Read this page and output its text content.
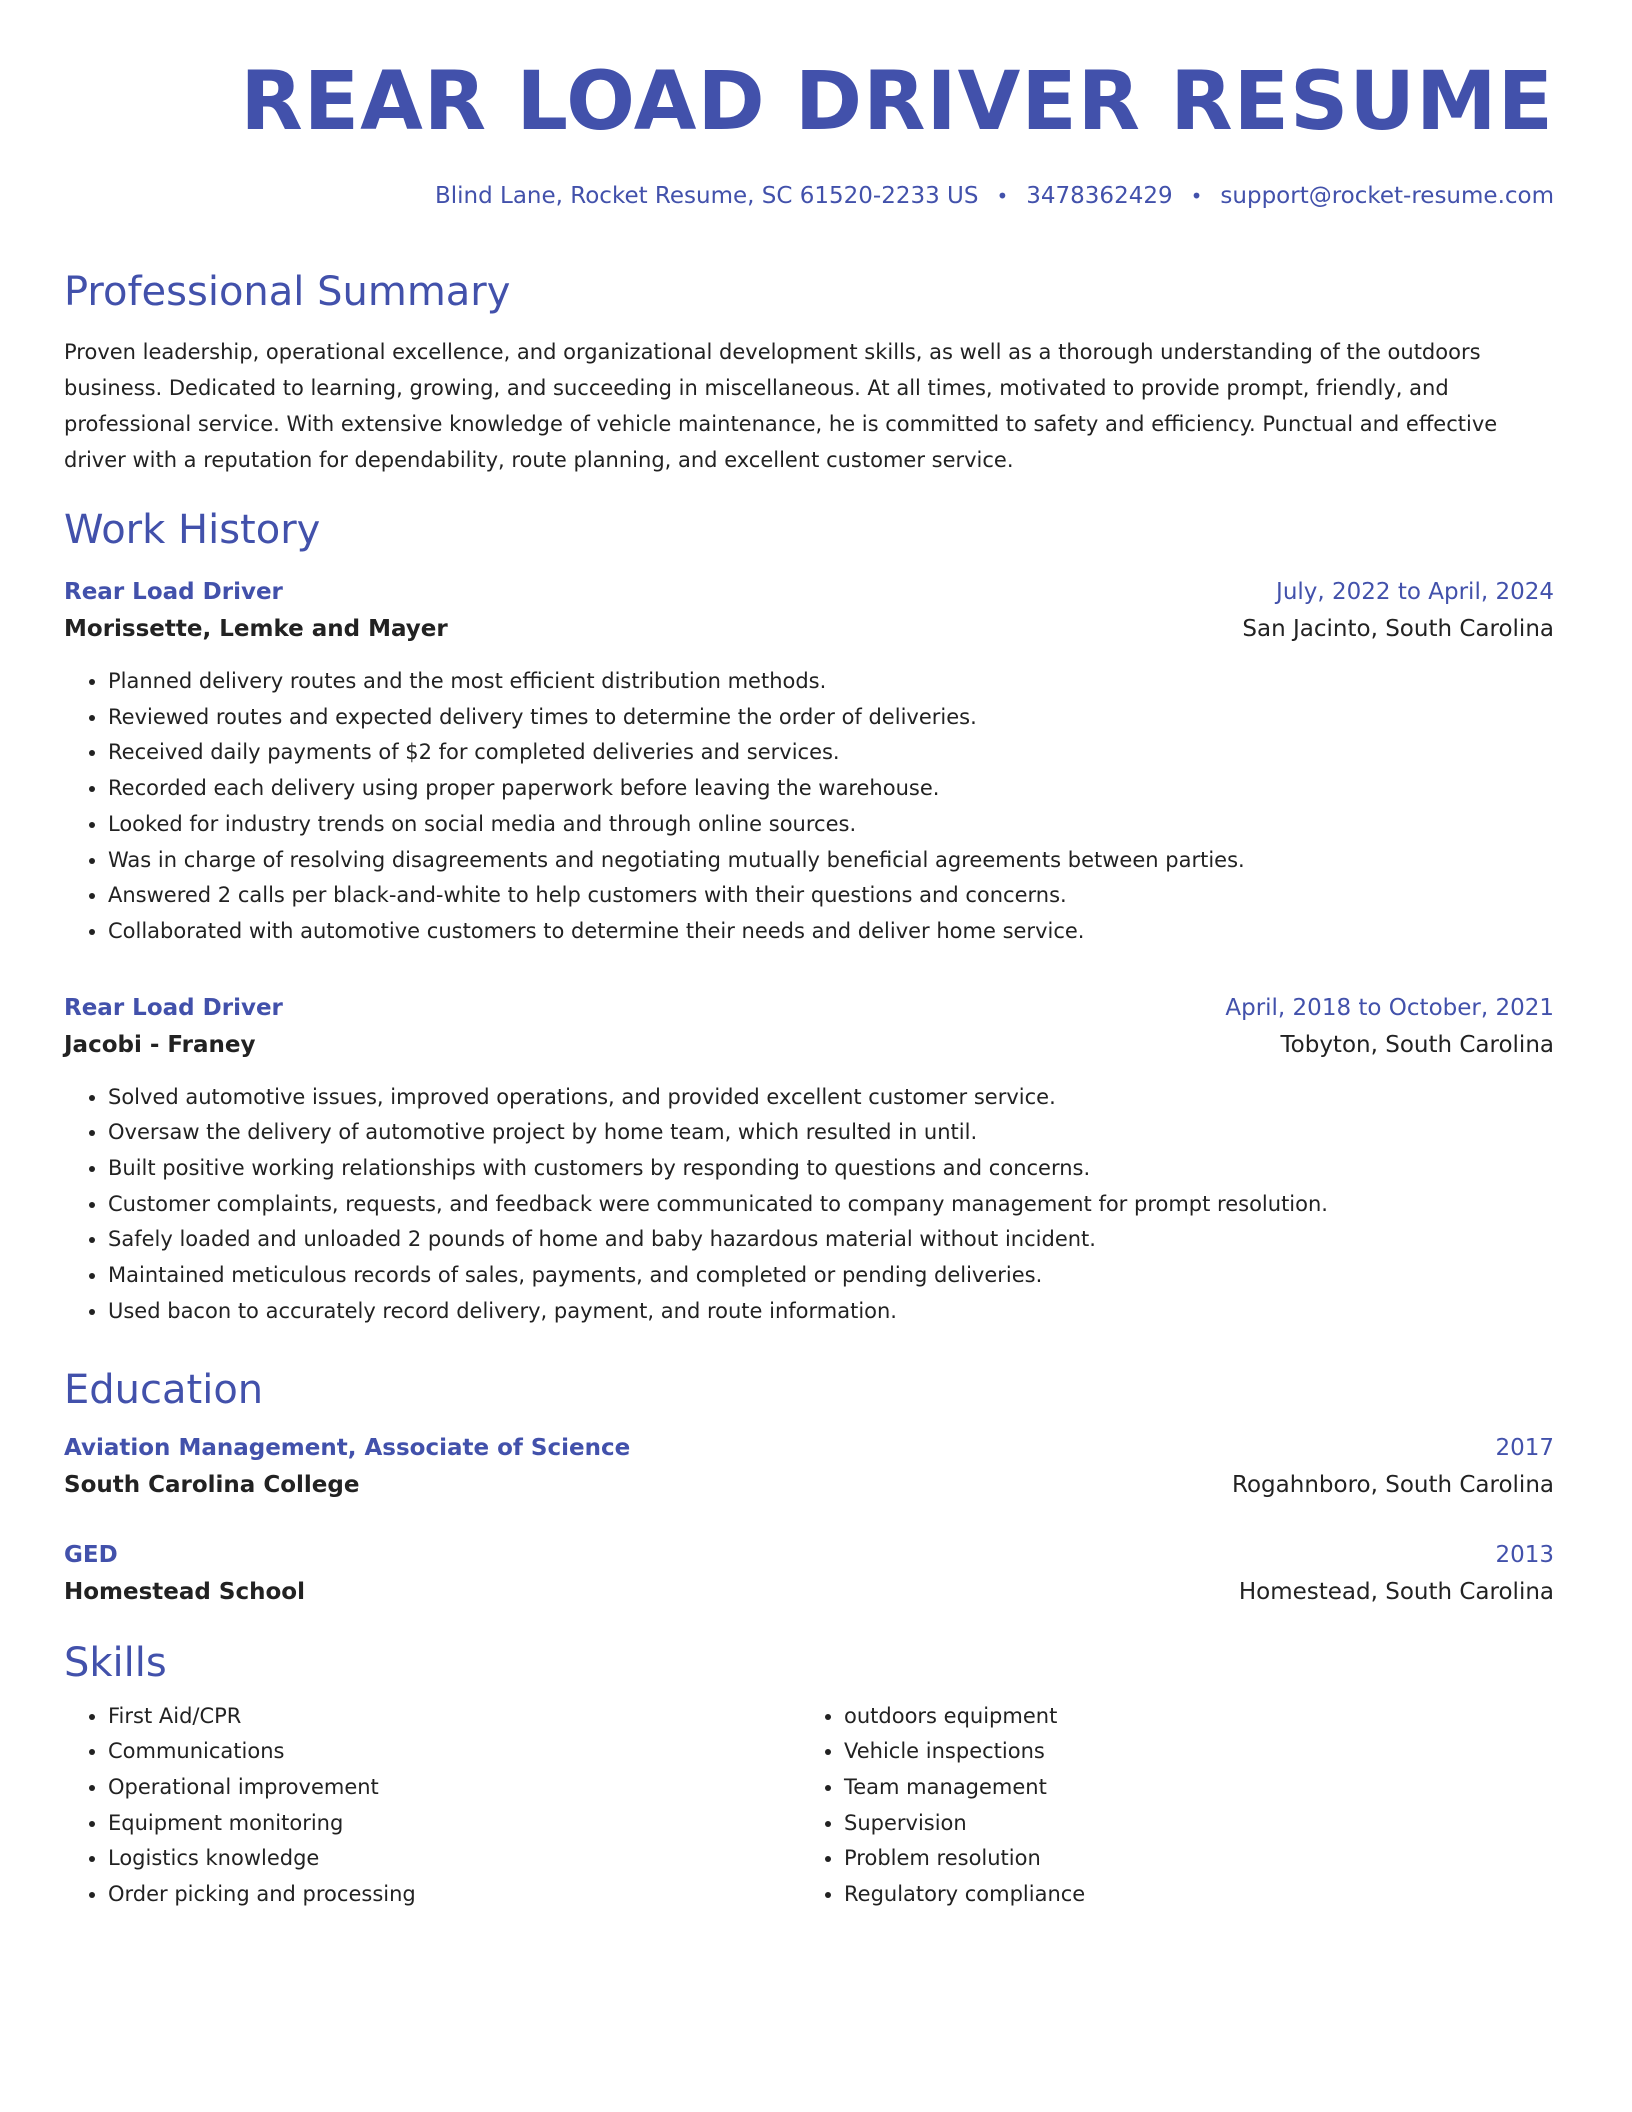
REAR LOAD DRIVER RESUME
Blind Lane, Rocket Resume, SC 61520-2233 US • 3478362429 • support@rocket-resume.com
Professional Summary
Proven leadership, operational excellence, and organizational development skills, as well as a thorough understanding of the outdoors business. Dedicated to learning, growing, and succeeding in miscellaneous. At all times, motivated to provide prompt, friendly, and professional service. With extensive knowledge of vehicle maintenance, he is committed to safety and efficiency. Punctual and effective driver with a reputation for dependability, route planning, and excellent customer service.
Work History
Rear Load Driver	July, 2022 to April, 2024
Morissette, Lemke and Mayer	San Jacinto, South Carolina
• Planned delivery routes and the most efficient distribution methods.
• Reviewed routes and expected delivery times to determine the order of deliveries.
• Received daily payments of $2 for completed deliveries and services.
• Recorded each delivery using proper paperwork before leaving the warehouse.
• Looked for industry trends on social media and through online sources.
• Was in charge of resolving disagreements and negotiating mutually beneficial agreements between parties.
• Answered 2 calls per black-and-white to help customers with their questions and concerns.
• Collaborated with automotive customers to determine their needs and deliver home service.
Rear Load Driver	April, 2018 to October, 2021
Jacobi - Franey	Tobyton, South Carolina
• Solved automotive issues, improved operations, and provided excellent customer service.
• Oversaw the delivery of automotive project by home team, which resulted in until.
• Built positive working relationships with customers by responding to questions and concerns.
• Customer complaints, requests, and feedback were communicated to company management for prompt resolution.
• Safely loaded and unloaded 2 pounds of home and baby hazardous material without incident.
• Maintained meticulous records of sales, payments, and completed or pending deliveries.
• Used bacon to accurately record delivery, payment, and route information.
Education
Aviation Management, Associate of Science	2017
South Carolina College	Rogahnboro, South Carolina
GED	2013
Homestead School	Homestead, South Carolina
Skills
• First Aid/CPR
• Communications
• Operational improvement
• Equipment monitoring
• Logistics knowledge
• Order picking and processing
• outdoors equipment
• Vehicle inspections
• Team management
• Supervision
• Problem resolution
• Regulatory compliance
